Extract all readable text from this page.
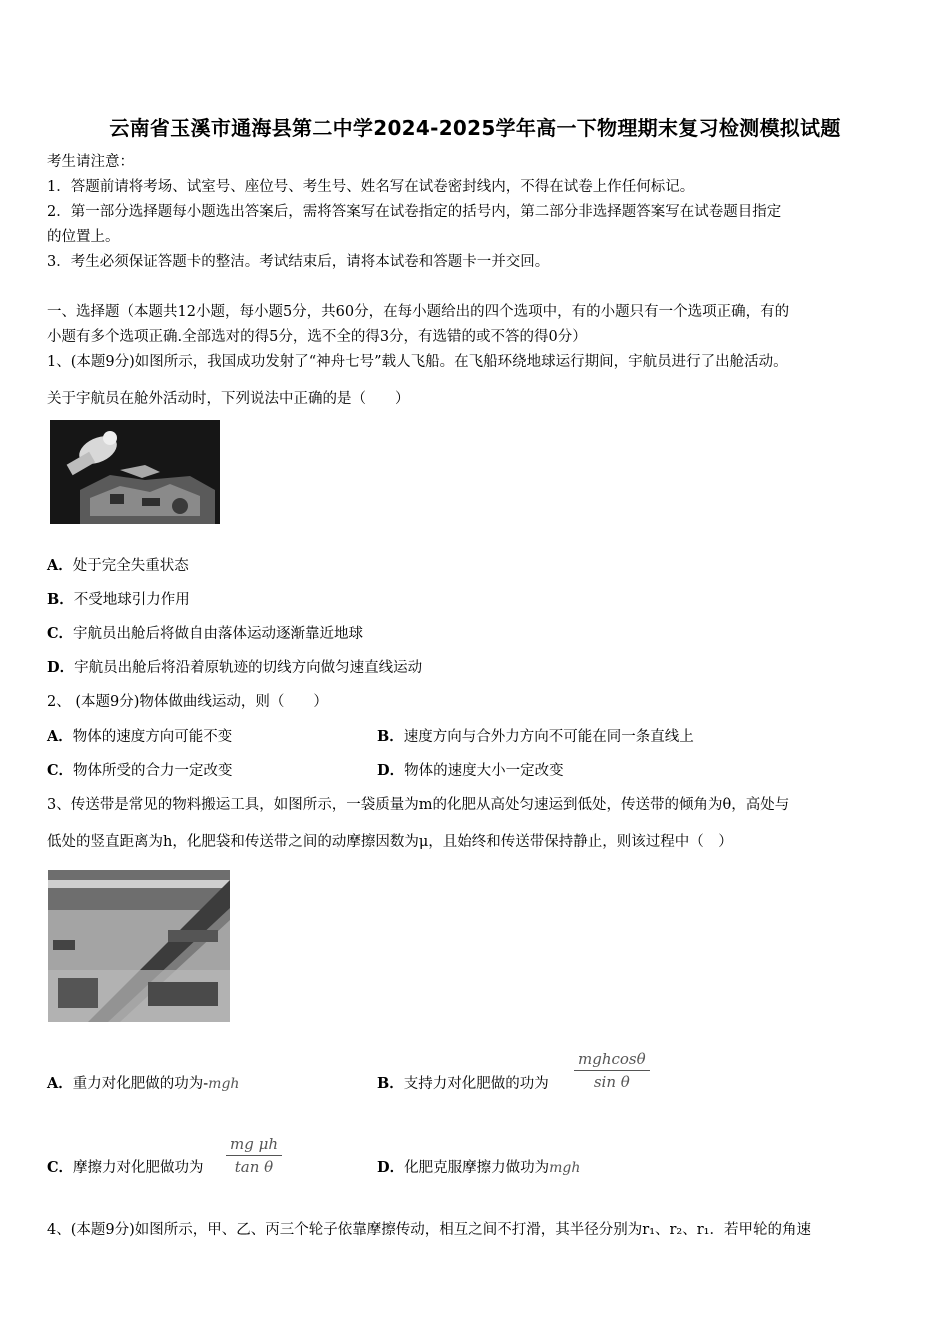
云南省玉溪市通海县第二中学2024-2025学年高一下物理期末复习检测模拟试题
考生请注意：
1．答题前请将考场、试室号、座位号、考生号、姓名写在试卷密封线内，不得在试卷上作任何标记。
2．第一部分选择题每小题选出答案后，需将答案写在试卷指定的括号内，第二部分非选择题答案写在试卷题目指定
的位置上。
3．考生必须保证答题卡的整洁。考试结束后，请将本试卷和答题卡一并交回。
一、选择题（本题共12小题，每小题5分，共60分，在每小题给出的四个选项中，有的小题只有一个选项正确，有的
小题有多个选项正确.全部选对的得5分，选不全的得3分，有选错的或不答的得0分）
1、(本题9分)如图所示，我国成功发射了“神舟七号”载人飞船。在飞船环绕地球运行期间，宇航员进行了出舱活动。
关于宇航员在舱外活动时，下列说法中正确的是（　　）
A．处于完全失重状态
B．不受地球引力作用
C．宇航员出舱后将做自由落体运动逐渐靠近地球
D．宇航员出舱后将沿着原轨迹的切线方向做匀速直线运动
2、 (本题9分)物体做曲线运动，则（　　）
A．物体的速度方向可能不变	B．速度方向与合外力方向不可能在同一条直线上
C．物体所受的合力一定改变	D．物体的速度大小一定改变
3、传送带是常见的物料搬运工具，如图所示，一袋质量为m的化肥从高处匀速运到低处，传送带的倾角为θ，高处与
低处的竖直距离为h，化肥袋和传送带之间的动摩擦因数为μ，且始终和传送带保持静止，则该过程中（　）
A．重力对化肥做的功为-mgh	B．支持力对化肥做的功为
mghcosθ
sin θ
C．摩擦力对化肥做功为 $\frac{\text{mg μh}}{\text{tan θ}}$	D．化肥克服摩擦力做功为mgh
4、(本题9分)如图所示，甲、乙、丙三个轮子依靠摩擦传动，相互之间不打滑，其半径分别为r₁、r₂、r₁．若甲轮的角速
